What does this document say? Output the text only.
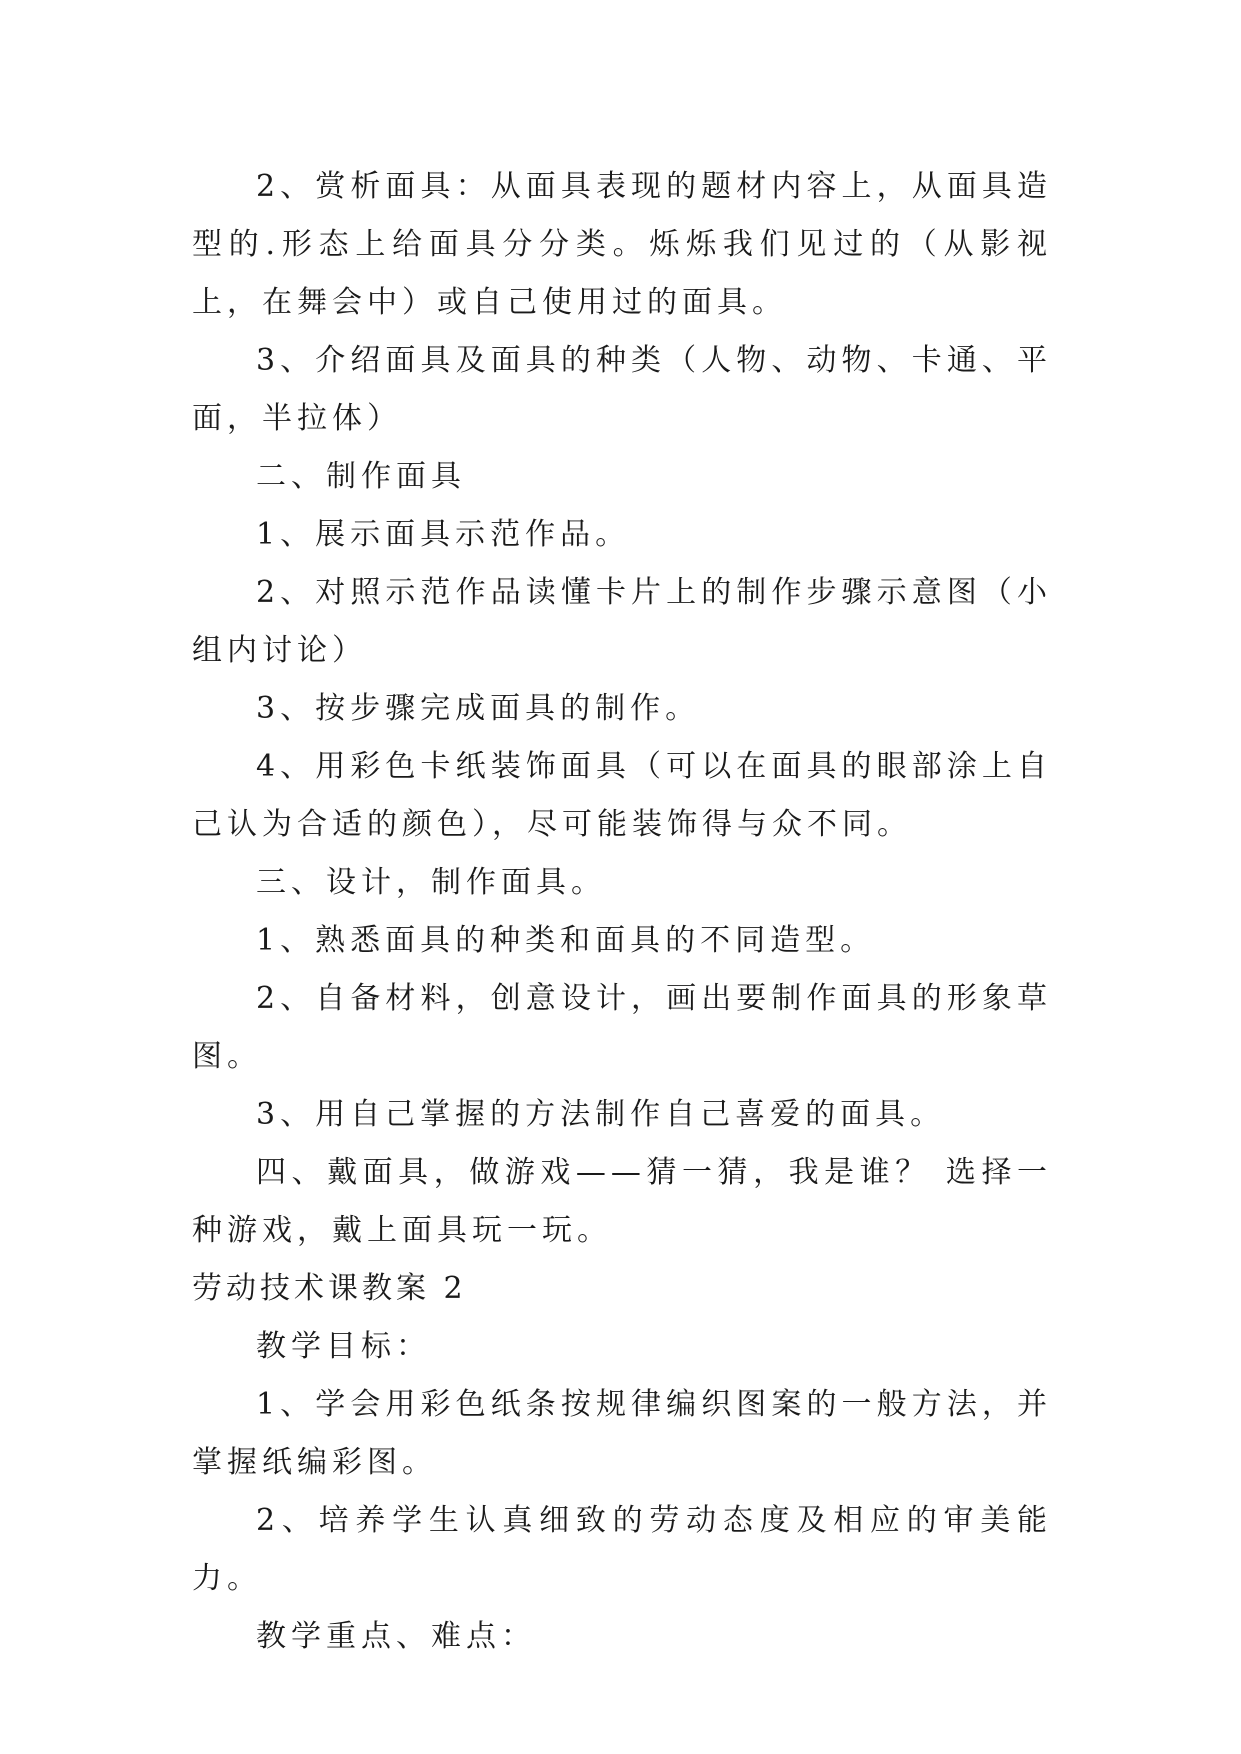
2、赏析面具：从面具表现的题材内容上，从面具造型的.形态上给面具分分类。烁烁我们见过的（从影视上，在舞会中）或自己使用过的面具。

3、介绍面具及面具的种类（人物、动物、卡通、平面，半拉体）

二、制作面具

1、展示面具示范作品。

2、对照示范作品读懂卡片上的制作步骤示意图（小组内讨论）

3、按步骤完成面具的制作。

4、用彩色卡纸装饰面具（可以在面具的眼部涂上自己认为合适的颜色），尽可能装饰得与众不同。

三、设计，制作面具。

1、熟悉面具的种类和面具的不同造型。

2、自备材料，创意设计，画出要制作面具的形象草图。

3、用自己掌握的方法制作自己喜爱的面具。

四、戴面具，做游戏——猜一猜，我是谁？ 选择一种游戏，戴上面具玩一玩。

劳动技术课教案 2

教学目标：

1、学会用彩色纸条按规律编织图案的一般方法，并掌握纸编彩图。

2、培养学生认真细致的劳动态度及相应的审美能力。

教学重点、难点：
